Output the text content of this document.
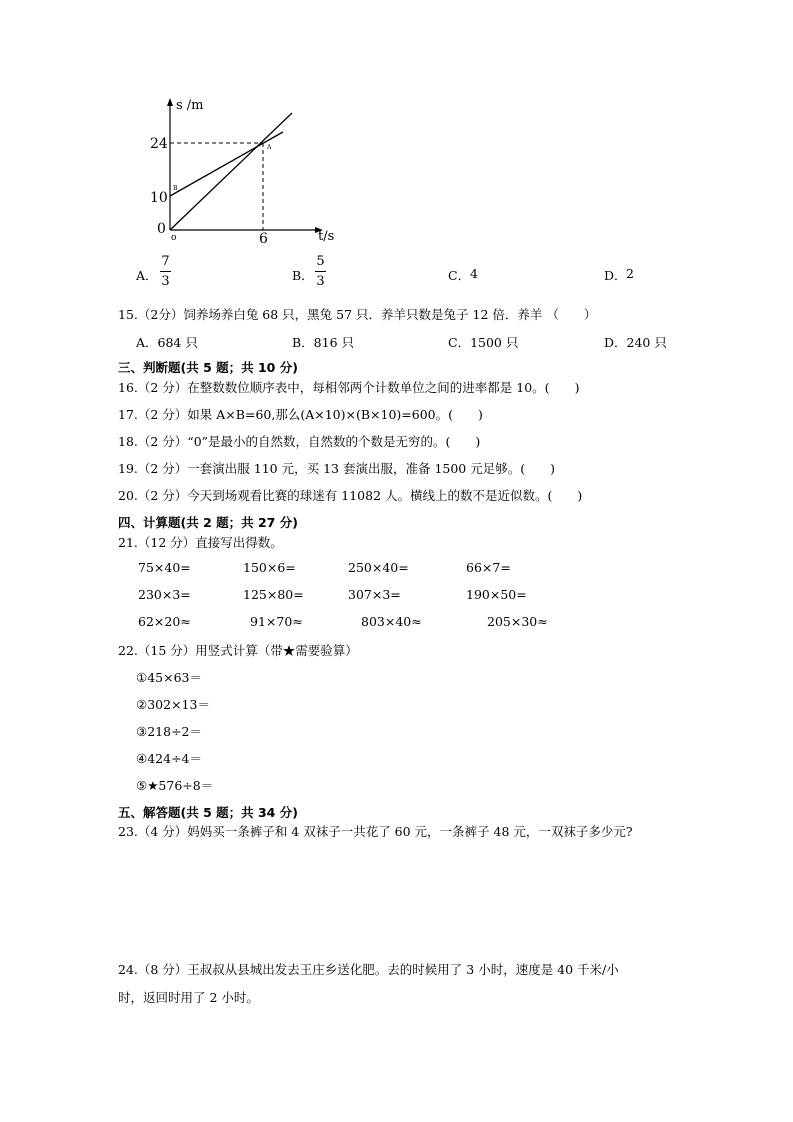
s /m
t/s
24
10
0
o	6
A
B
A．
7
3	B．
5
3	C． 4	D． 2
15.（2分）饲养场养白兔 68 只，黑兔 57 只．养羊只数是兔子 12 倍．养羊 （　　）
A．684 只	B．816 只	C．1500 只	D．240 只
三、判断题(共 5 题；共 10 分)
16.（2 分）在整数数位顺序表中，每相邻两个计数单位之间的进率都是 10。(　　)
17.（2 分）如果 A×B=60,那么(A×10)×(B×10)=600。(　　)
18.（2 分）“0”是最小的自然数，自然数的个数是无穷的。(　　)
19.（2 分）一套演出服 110 元，买 13 套演出服，准备 1500 元足够。(　　)
20.（2 分）今天到场观看比赛的球迷有 11082 人。横线上的数不是近似数。(　　)
四、计算题(共 2 题；共 27 分)
21.（12 分）直接写出得数。
75×40=	150×6=	250×40=	66×7=
230×3=	125×80=	307×3=	190×50=
62×20≈	91×70≈	803×40≈	205×30≈
22.（15 分）用竖式计算（带★需要验算）
①45×63＝
②302×13＝
③218÷2＝
④424÷4＝
⑤★576÷8＝
五、解答题(共 5 题；共 34 分)
23.（4 分）妈妈买一条裤子和 4 双袜子一共花了 60 元，一条裤子 48 元，一双袜子多少元?
24.（8 分）王叔叔从县城出发去王庄乡送化肥。去的时候用了 3 小时，速度是 40 千米/小
时，返回时用了 2 小时。
